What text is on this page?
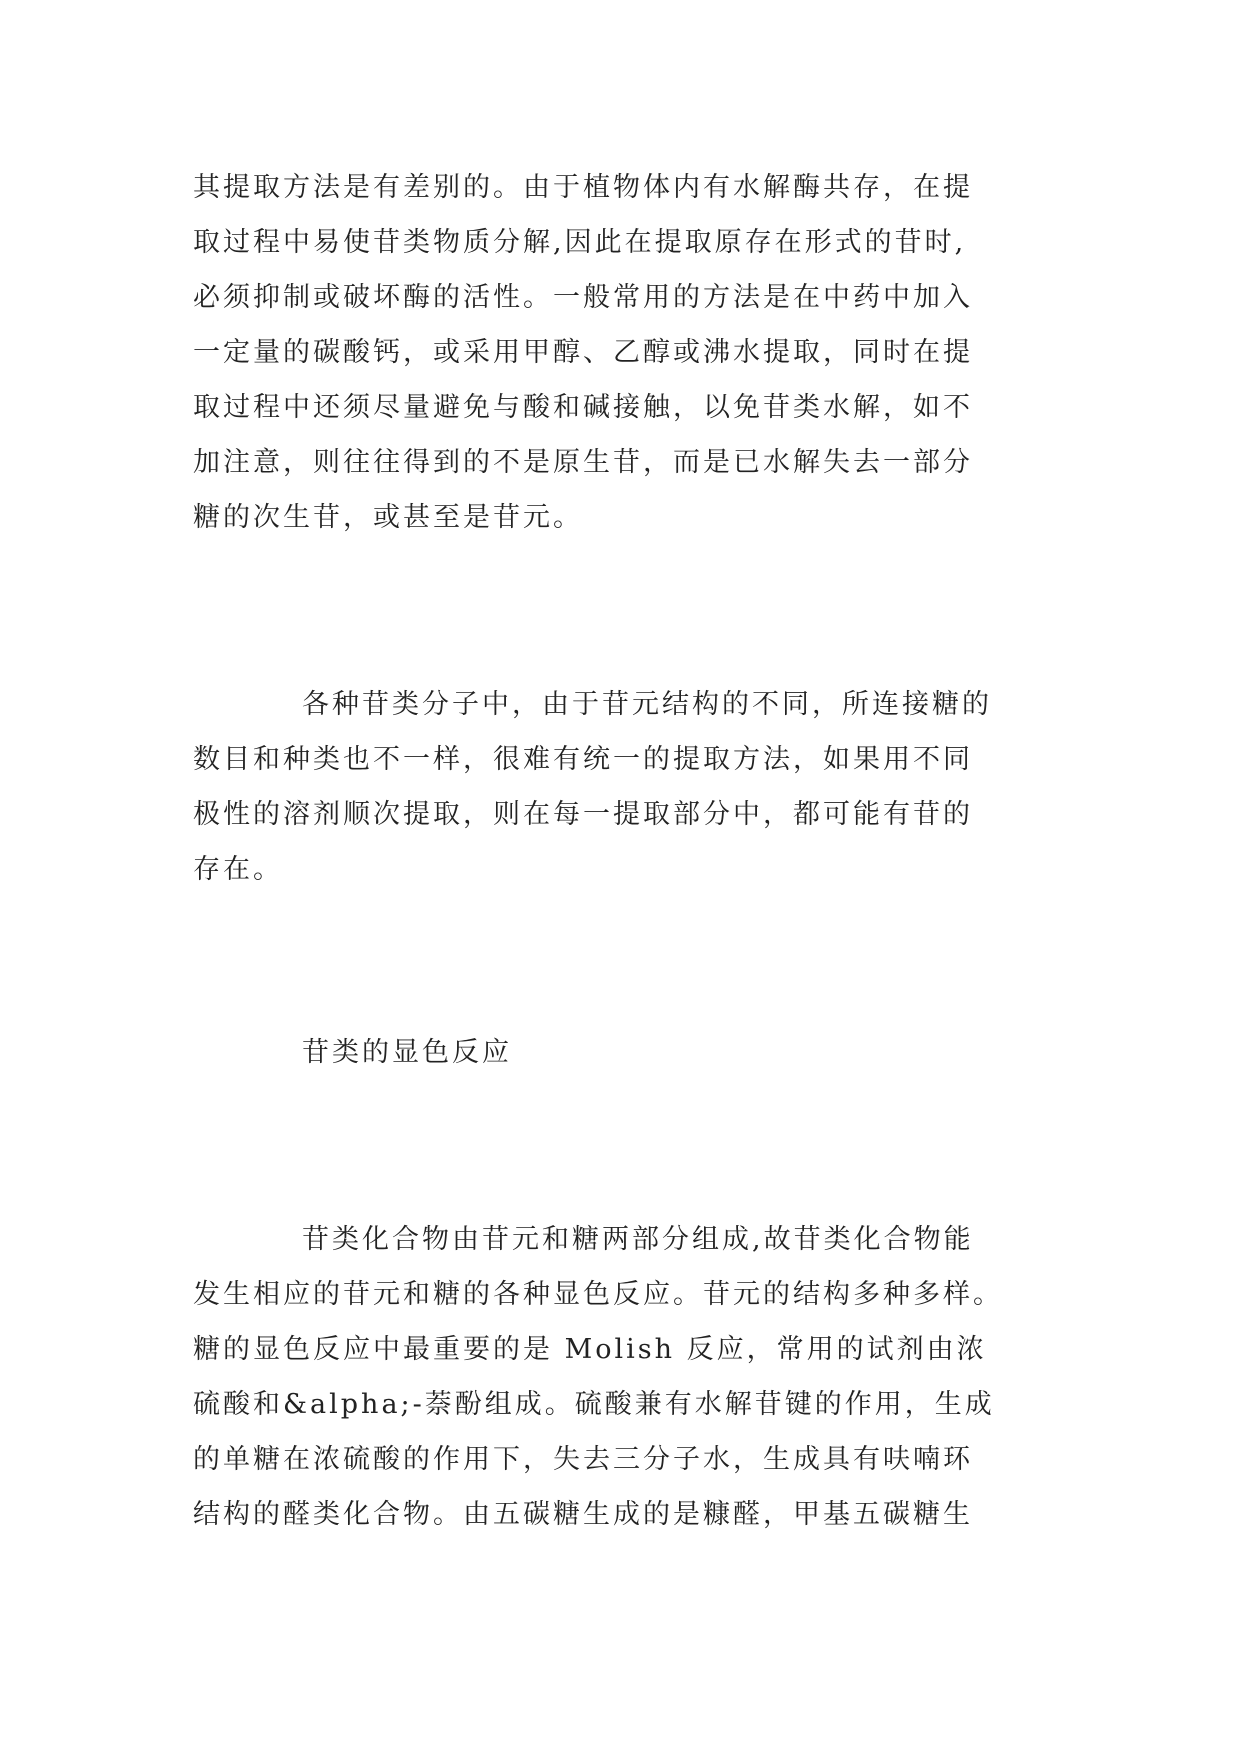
其提取方法是有差别的。由于植物体内有水解酶共存，在提
取过程中易使苷类物质分解,因此在提取原存在形式的苷时,
必须抑制或破坏酶的活性。一般常用的方法是在中药中加入
一定量的碳酸钙，或采用甲醇、乙醇或沸水提取，同时在提
取过程中还须尽量避免与酸和碱接触，以免苷类水解，如不
加注意，则往往得到的不是原生苷，而是已水解失去一部分
糖的次生苷，或甚至是苷元。
各种苷类分子中，由于苷元结构的不同，所连接糖的
数目和种类也不一样，很难有统一的提取方法，如果用不同
极性的溶剂顺次提取，则在每一提取部分中，都可能有苷的
存在。
苷类的显色反应
苷类化合物由苷元和糖两部分组成,故苷类化合物能
发生相应的苷元和糖的各种显色反应。苷元的结构多种多样。
糖的显色反应中最重要的是 Molish 反应，常用的试剂由浓
硫酸和&alpha;-萘酚组成。硫酸兼有水解苷键的作用，生成
的单糖在浓硫酸的作用下，失去三分子水，生成具有呋喃环
结构的醛类化合物。由五碳糖生成的是糠醛，甲基五碳糖生
